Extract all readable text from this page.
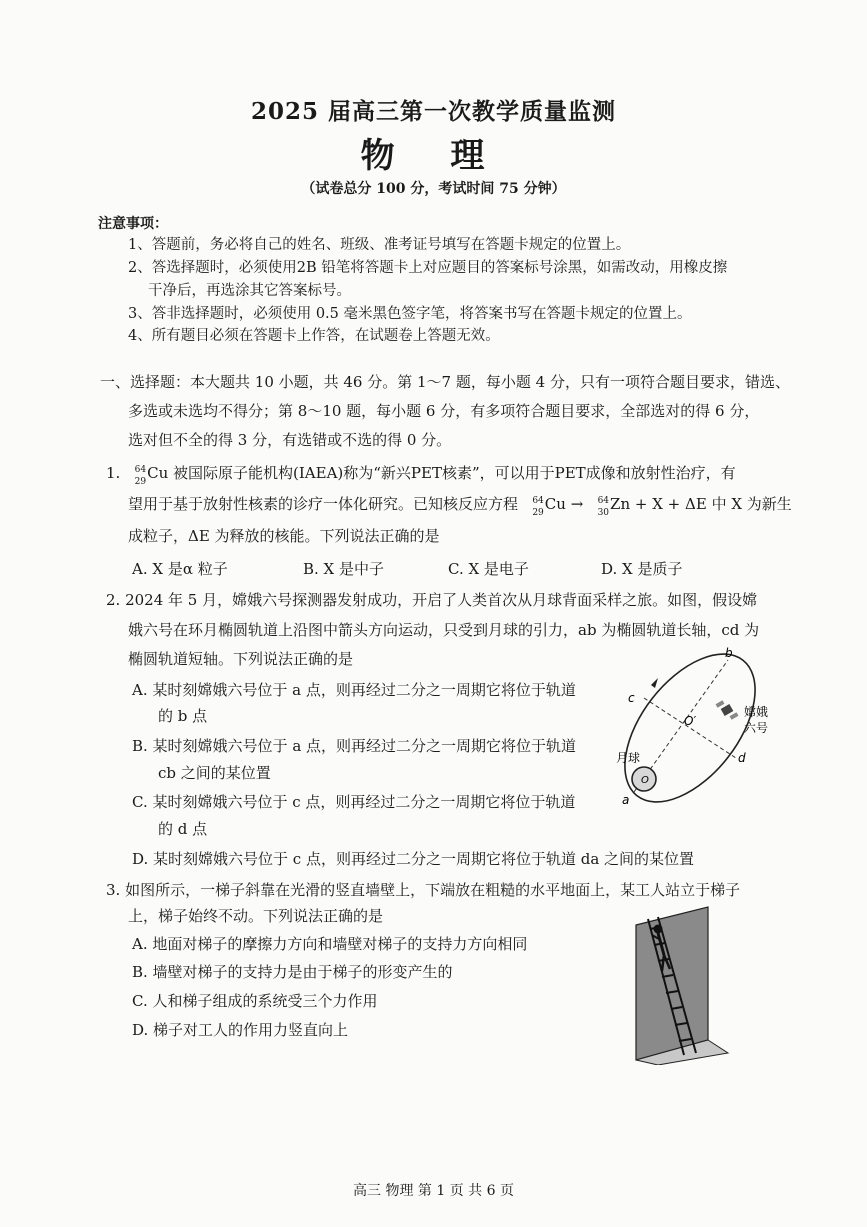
2025 届高三第一次教学质量监测
物 理
（试卷总分 100 分，考试时间 75 分钟）
注意事项：
1、答题前，务必将自己的姓名、班级、准考证号填写在答题卡规定的位置上。
2、答选择题时，必须使用2B 铅笔将答题卡上对应题目的答案标号涂黑，如需改动，用橡皮擦
干净后，再选涂其它答案标号。
3、答非选择题时，必须使用 0.5 毫米黑色签字笔，将答案书写在答题卡规定的位置上。
4、所有题目必须在答题卡上作答，在试题卷上答题无效。
一、选择题：本大题共 10 小题，共 46 分。第 1～7 题，每小题 4 分，只有一项符合题目要求，错选、
多选或未选均不得分；第 8～10 题，每小题 6 分，有多项符合题目要求，全部选对的得 6 分，
选对但不全的得 3 分，有选错或不选的得 0 分。
1. 64
29 Cu 被国际原子能机构(IAEA)称为“新兴PET核素”，可以用于PET成像和放射性治疗，有
望用于基于放射性核素的诊疗一体化研究。已知核反应方程 64
29 Cu → 64
30 Zn + X + ΔE 中 X 为新生
成粒子，ΔE 为释放的核能。下列说法正确的是
A. X 是α 粒子	B. X 是中子	C. X 是电子	D. X 是质子
2. 2024 年 5 月，嫦娥六号探测器发射成功，开启了人类首次从月球背面采样之旅。如图，假设嫦
娥六号在环月椭圆轨道上沿图中箭头方向运动，只受到月球的引力，ab 为椭圆轨道长轴，cd 为
椭圆轨道短轴。下列说法正确的是
A. 某时刻嫦娥六号位于 a 点，则再经过二分之一周期它将位于轨道
的 b 点
B. 某时刻嫦娥六号位于 a 点，则再经过二分之一周期它将位于轨道
cb 之间的某位置
C. 某时刻嫦娥六号位于 c 点，则再经过二分之一周期它将位于轨道
的 d 点
D. 某时刻嫦娥六号位于 c 点，则再经过二分之一周期它将位于轨道 da 之间的某位置
b
c
d
a
O′
O
月球
嫦娥
六号
3. 如图所示，一梯子斜靠在光滑的竖直墙壁上，下端放在粗糙的水平地面上，某工人站立于梯子
上，梯子始终不动。下列说法正确的是
A. 地面对梯子的摩擦力方向和墙壁对梯子的支持力方向相同
B. 墙壁对梯子的支持力是由于梯子的形变产生的
C. 人和梯子组成的系统受三个力作用
D. 梯子对工人的作用力竖直向上
高三 物理 第 1 页 共 6 页
